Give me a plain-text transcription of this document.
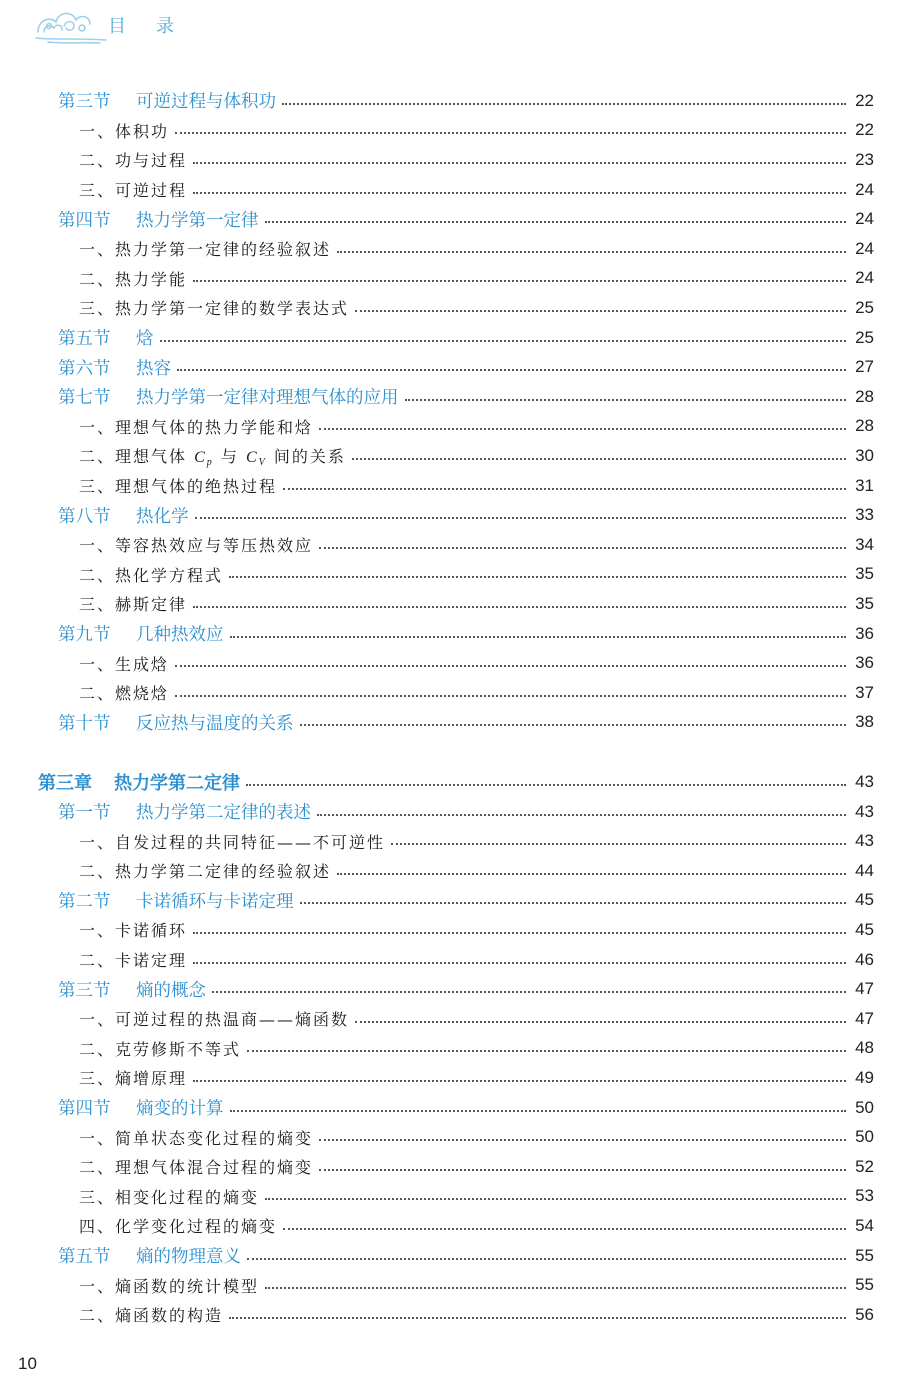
目录
第三节 可逆过程与体积功	22
一、体积功	22
二、功与过程	23
三、可逆过程	24
第四节 热力学第一定律	24
一、热力学第一定律的经验叙述	24
二、热力学能	24
三、热力学第一定律的数学表达式	25
第五节 焓	25
第六节 热容	27
第七节 热力学第一定律对理想气体的应用	28
一、理想气体的热力学能和焓	28
二、理想气体 $C_p$ 与 $C_V$ 间的关系	30
三、理想气体的绝热过程	31
第八节 热化学	33
一、等容热效应与等压热效应	34
二、热化学方程式	35
三、赫斯定律	35
第九节 几种热效应	36
一、生成焓	36
二、燃烧焓	37
第十节 反应热与温度的关系	38
第三章 热力学第二定律	43
第一节 热力学第二定律的表述	43
一、自发过程的共同特征——不可逆性	43
二、热力学第二定律的经验叙述	44
第二节 卡诺循环与卡诺定理	45
一、卡诺循环	45
二、卡诺定理	46
第三节 熵的概念	47
一、可逆过程的热温商——熵函数	47
二、克劳修斯不等式	48
三、熵增原理	49
第四节 熵变的计算	50
一、简单状态变化过程的熵变	50
二、理想气体混合过程的熵变	52
三、相变化过程的熵变	53
四、化学变化过程的熵变	54
第五节 熵的物理意义	55
一、熵函数的统计模型	55
二、熵函数的构造	56
10
